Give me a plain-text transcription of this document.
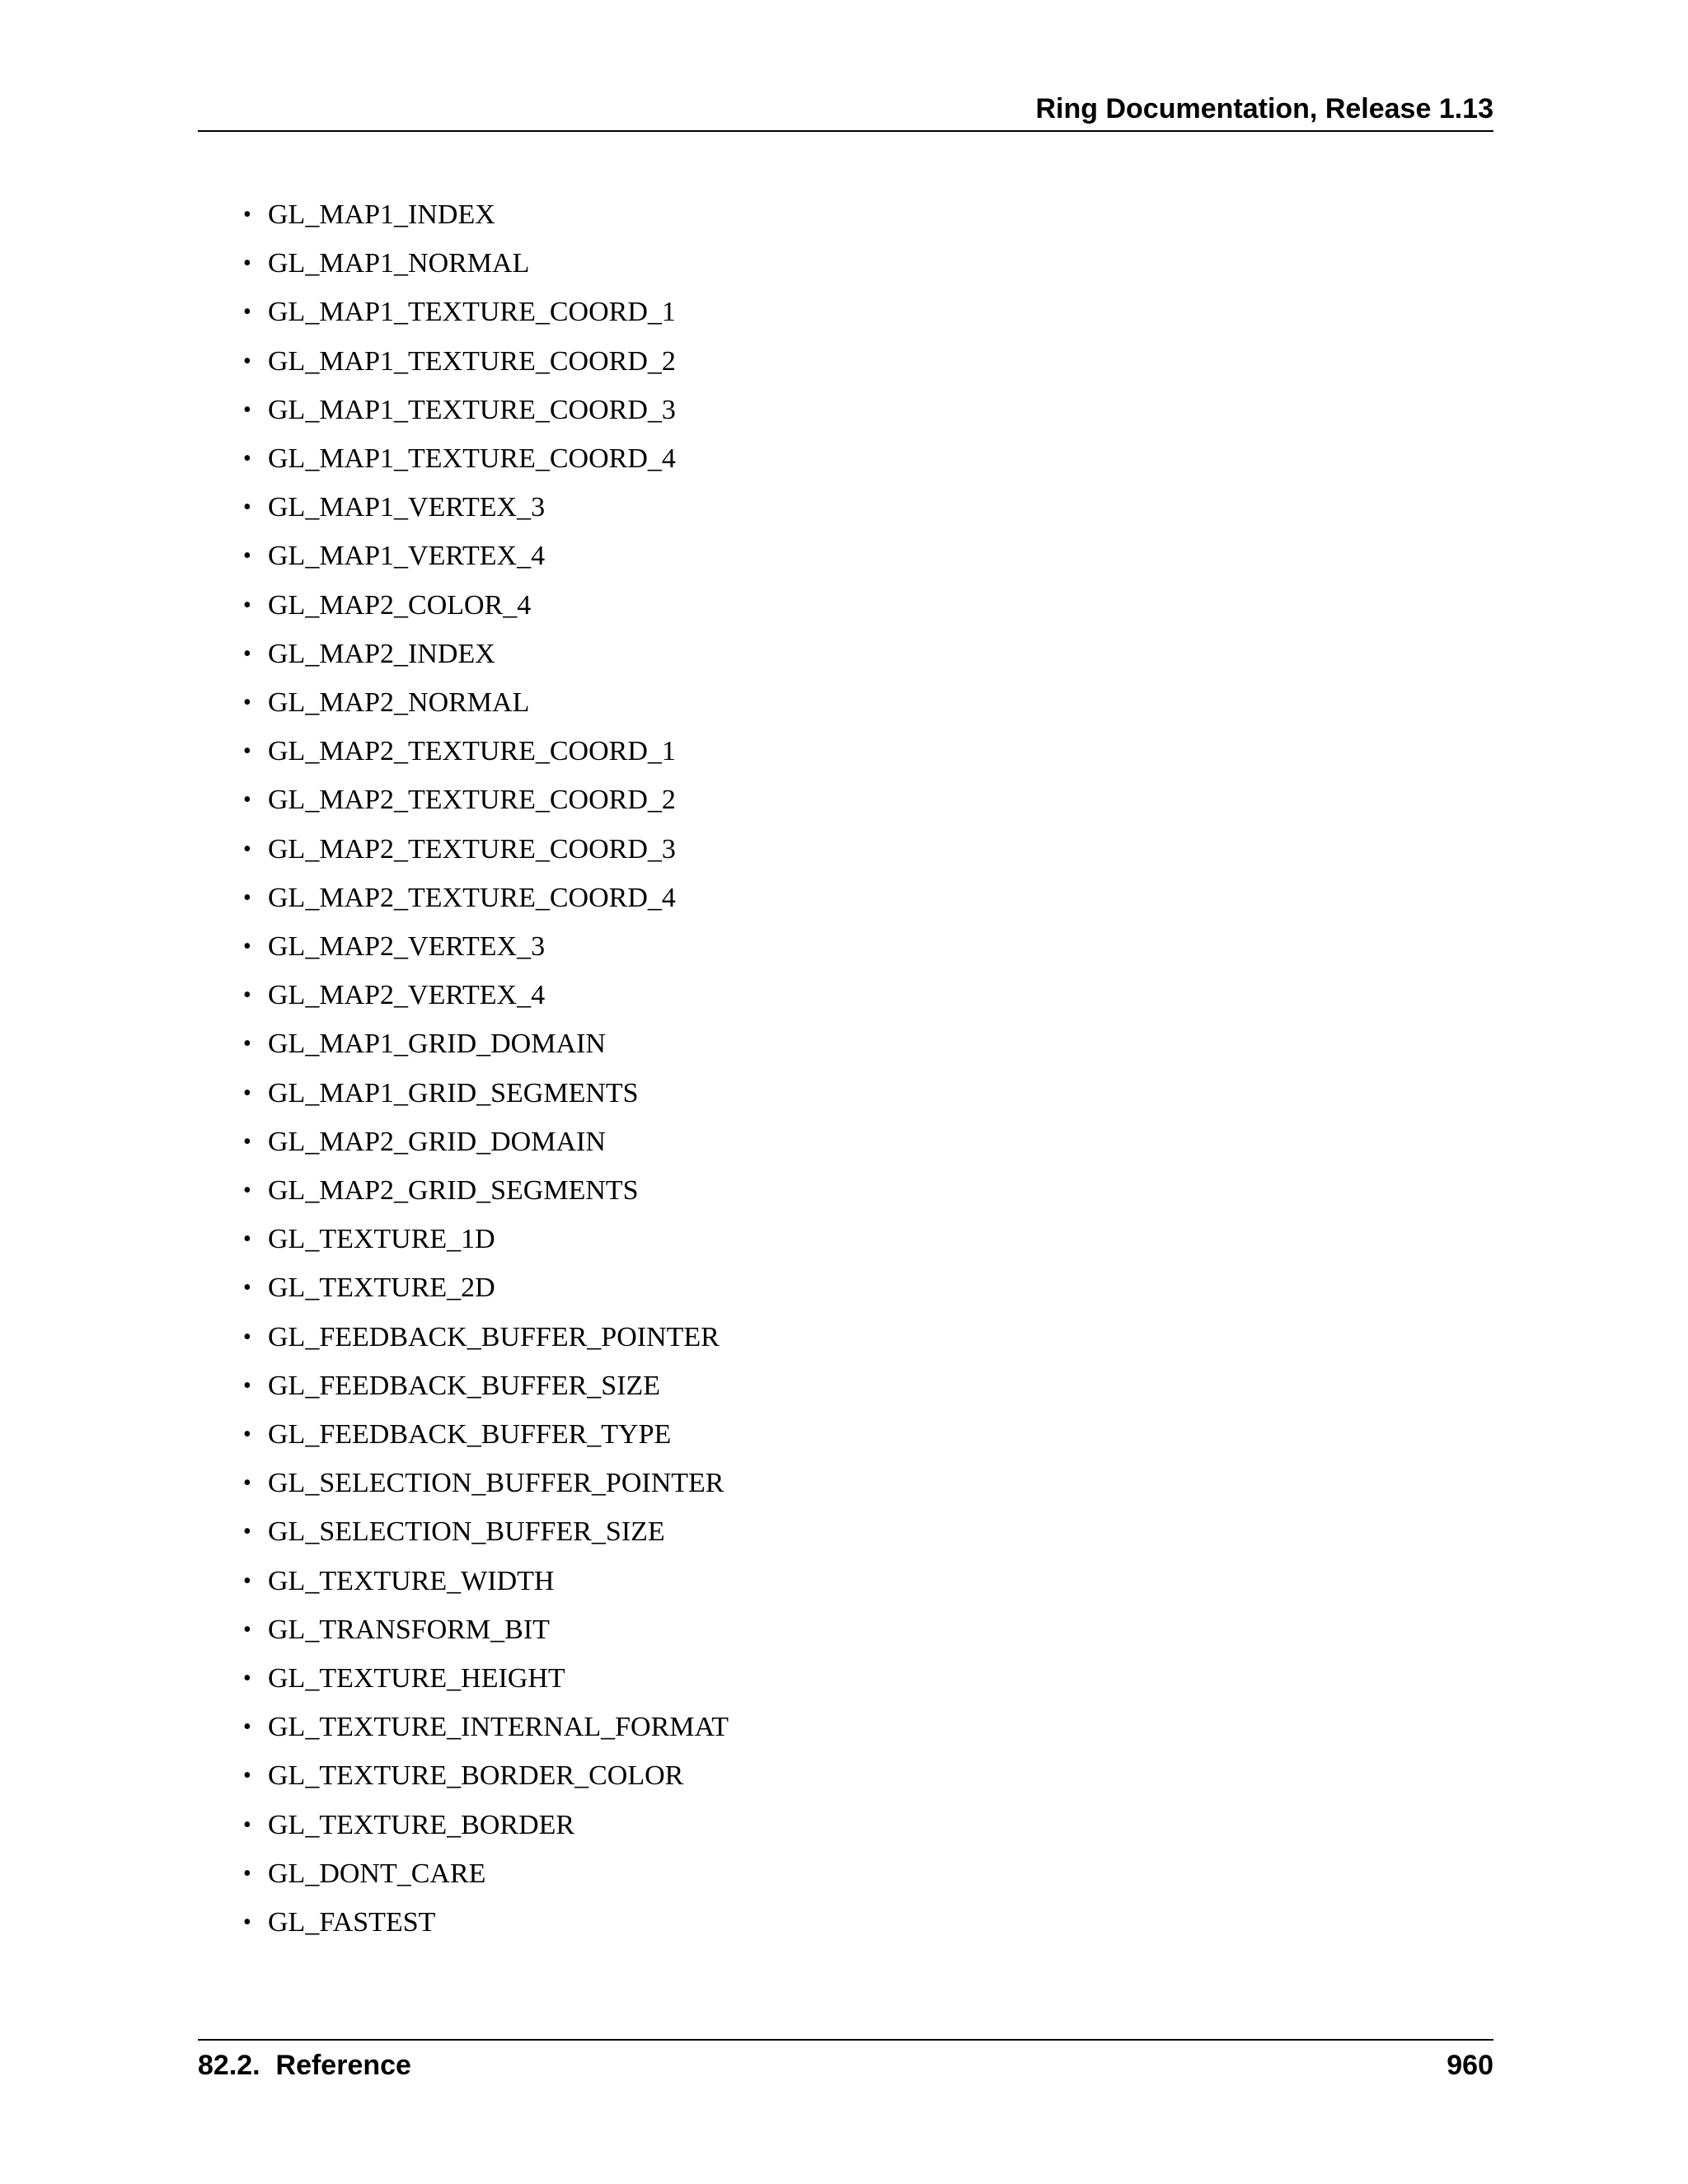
Ring Documentation, Release 1.13
• GL_MAP1_INDEX
• GL_MAP1_NORMAL
• GL_MAP1_TEXTURE_COORD_1
• GL_MAP1_TEXTURE_COORD_2
• GL_MAP1_TEXTURE_COORD_3
• GL_MAP1_TEXTURE_COORD_4
• GL_MAP1_VERTEX_3
• GL_MAP1_VERTEX_4
• GL_MAP2_COLOR_4
• GL_MAP2_INDEX
• GL_MAP2_NORMAL
• GL_MAP2_TEXTURE_COORD_1
• GL_MAP2_TEXTURE_COORD_2
• GL_MAP2_TEXTURE_COORD_3
• GL_MAP2_TEXTURE_COORD_4
• GL_MAP2_VERTEX_3
• GL_MAP2_VERTEX_4
• GL_MAP1_GRID_DOMAIN
• GL_MAP1_GRID_SEGMENTS
• GL_MAP2_GRID_DOMAIN
• GL_MAP2_GRID_SEGMENTS
• GL_TEXTURE_1D
• GL_TEXTURE_2D
• GL_FEEDBACK_BUFFER_POINTER
• GL_FEEDBACK_BUFFER_SIZE
• GL_FEEDBACK_BUFFER_TYPE
• GL_SELECTION_BUFFER_POINTER
• GL_SELECTION_BUFFER_SIZE
• GL_TEXTURE_WIDTH
• GL_TRANSFORM_BIT
• GL_TEXTURE_HEIGHT
• GL_TEXTURE_INTERNAL_FORMAT
• GL_TEXTURE_BORDER_COLOR
• GL_TEXTURE_BORDER
• GL_DONT_CARE
• GL_FASTEST
82.2.  Reference	960
